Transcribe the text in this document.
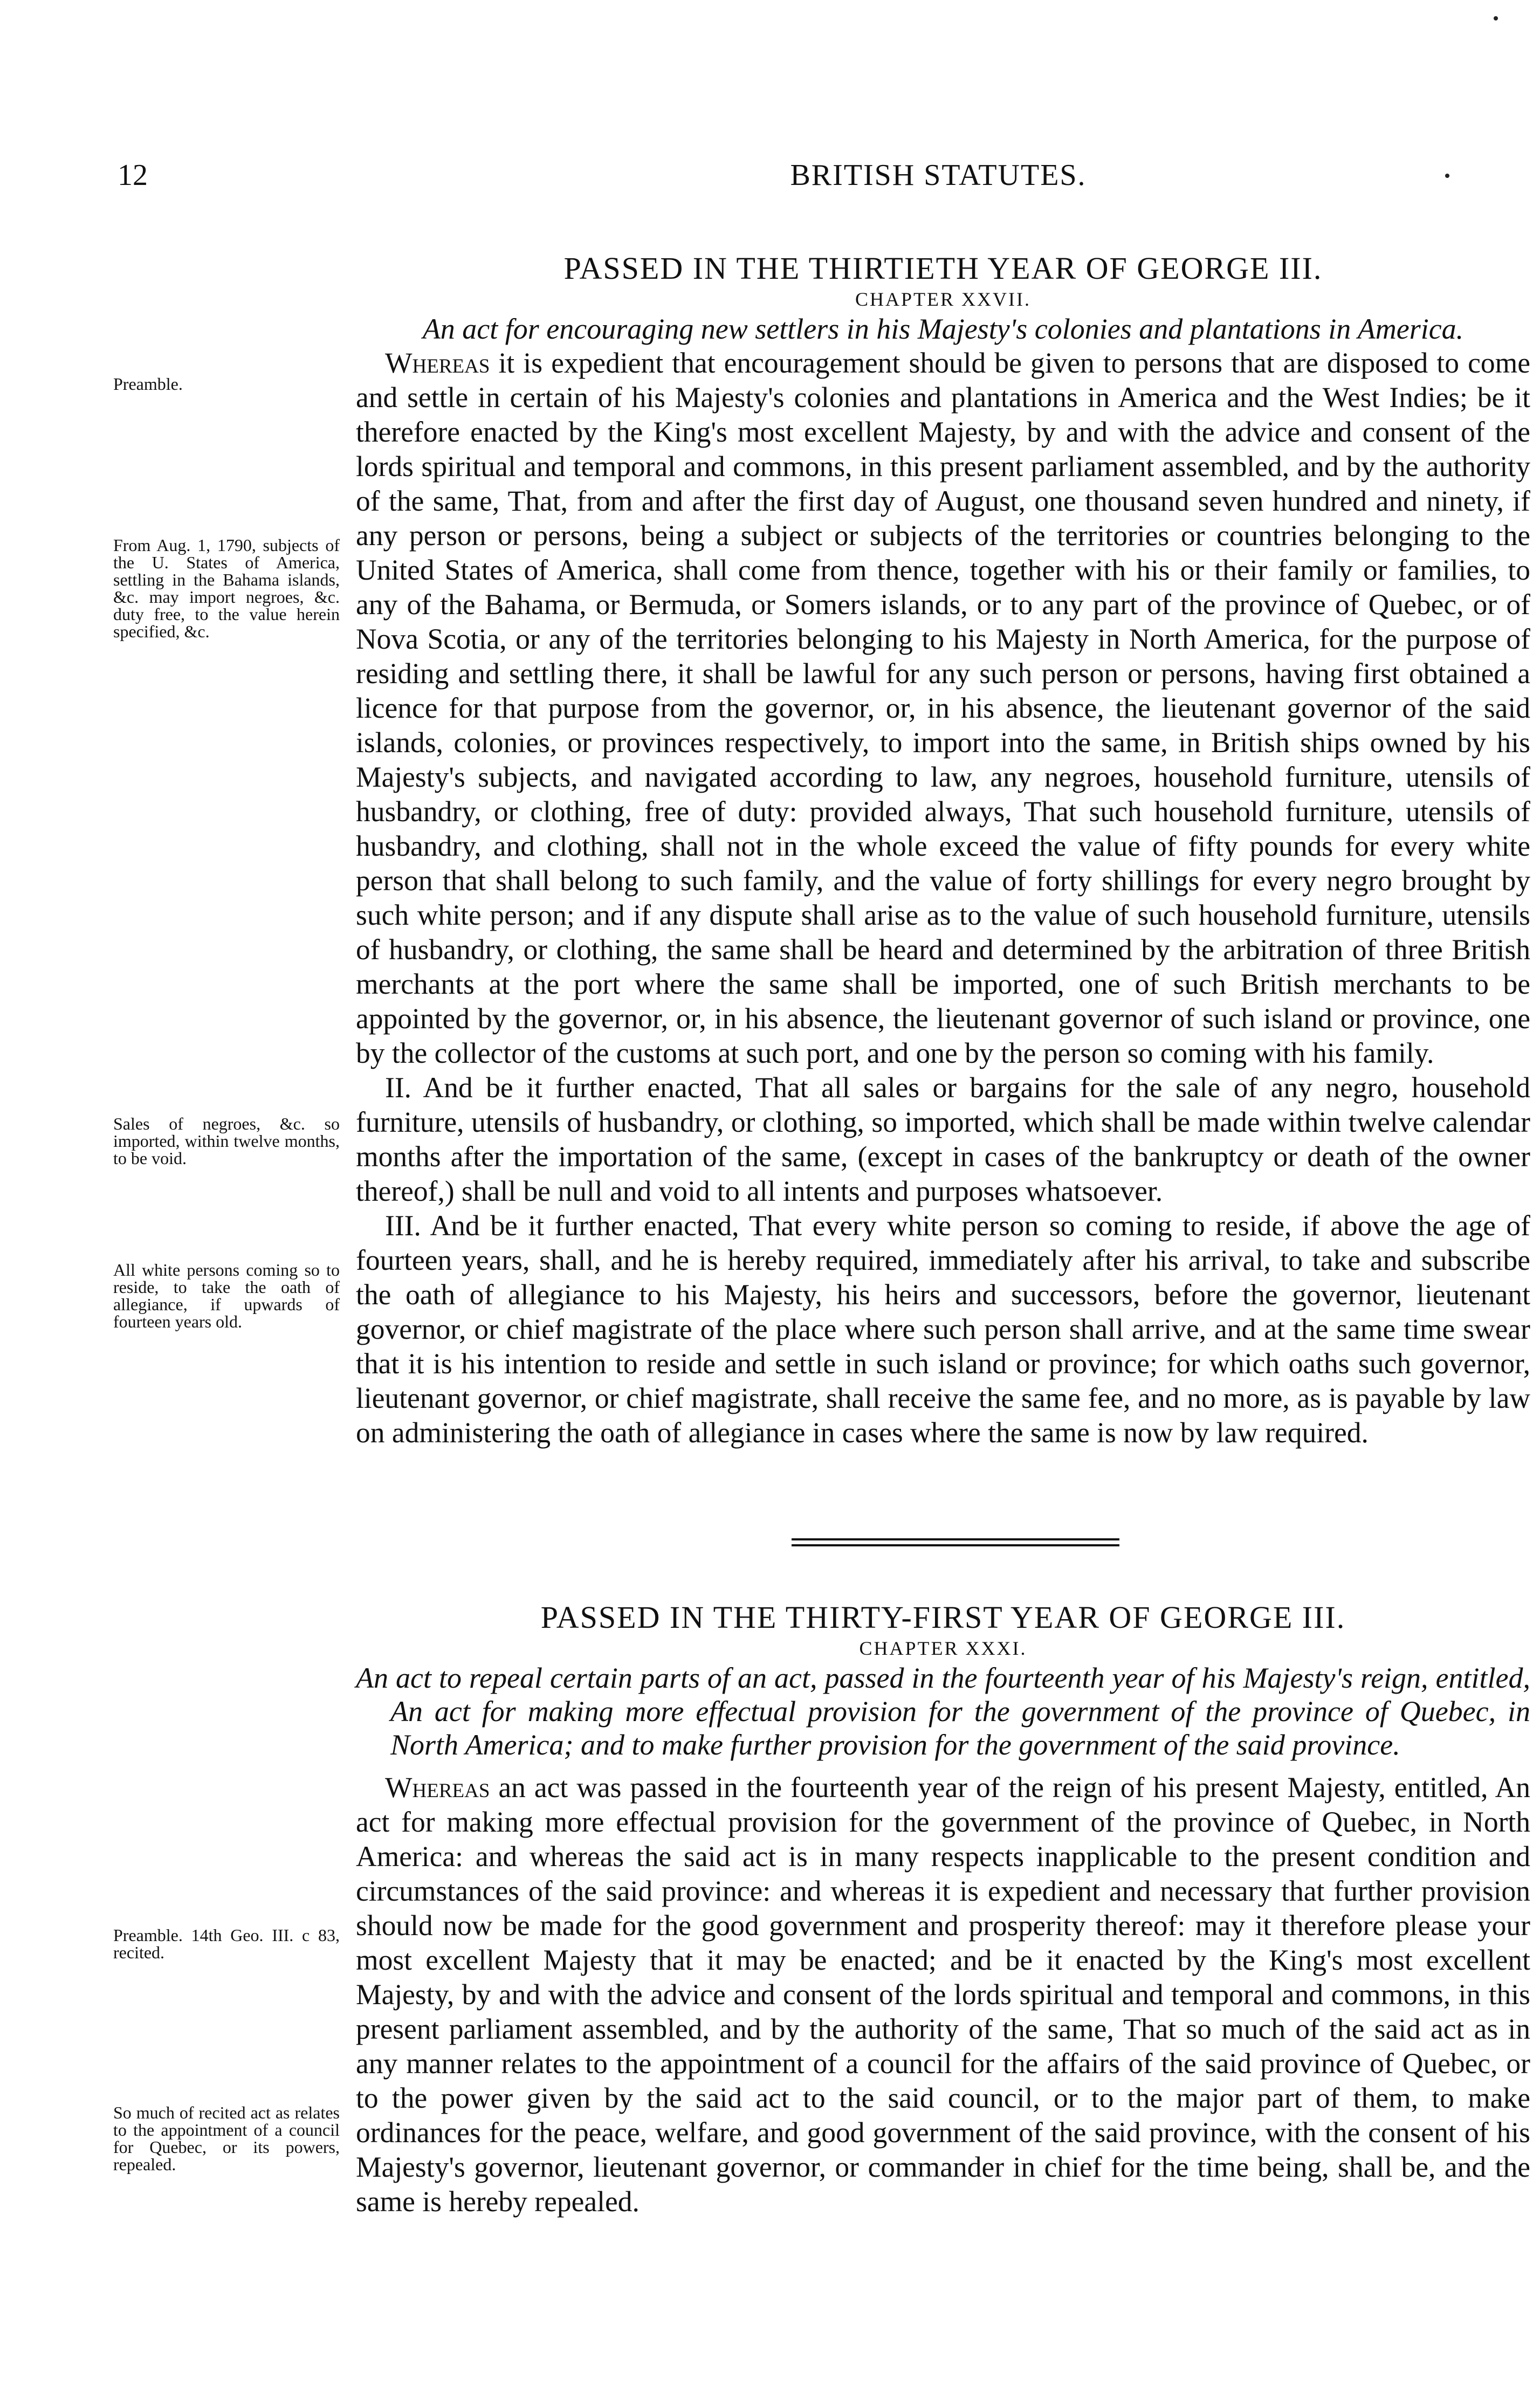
12	BRITISH STATUTES.
PASSED IN THE THIRTIETH YEAR OF GEORGE III.
CHAPTER XXVII.
An act for encouraging new settlers in his Majesty's colonies and plantations in America.
Whereas it is expedient that encouragement should be given to persons that are disposed to come and settle in certain of his Majesty's colonies and plantations in America and the West Indies; be it therefore enacted by the King's most excellent Majesty, by and with the advice and consent of the lords spiritual and temporal and commons, in this present parliament assembled, and by the authority of the same, That, from and after the first day of August, one thousand seven hundred and ninety, if any person or persons, being a subject or subjects of the territories or countries belonging to the United States of America, shall come from thence, together with his or their family or families, to any of the Bahama, or Bermuda, or Somers islands, or to any part of the province of Quebec, or of Nova Scotia, or any of the territories belonging to his Majesty in North America, for the purpose of residing and settling there, it shall be lawful for any such person or persons, having first obtained a licence for that purpose from the governor, or, in his absence, the lieutenant governor of the said islands, colonies, or provinces respectively, to import into the same, in British ships owned by his Majesty's subjects, and navigated according to law, any negroes, household furniture, utensils of husbandry, or clothing, free of duty: provided always, That such household furniture, utensils of husbandry, and clothing, shall not in the whole exceed the value of fifty pounds for every white person that shall belong to such family, and the value of forty shillings for every negro brought by such white person; and if any dispute shall arise as to the value of such household furniture, utensils of husbandry, or clothing, the same shall be heard and determined by the arbitration of three British merchants at the port where the same shall be imported, one of such British merchants to be appointed by the governor, or, in his absence, the lieutenant governor of such island or province, one by the collector of the customs at such port, and one by the person so coming with his family.
II. And be it further enacted, That all sales or bargains for the sale of any negro, household furniture, utensils of husbandry, or clothing, so imported, which shall be made within twelve calendar months after the importation of the same, (except in cases of the bankruptcy or death of the owner thereof,) shall be null and void to all intents and purposes whatsoever.
III. And be it further enacted, That every white person so coming to reside, if above the age of fourteen years, shall, and he is hereby required, immediately after his arrival, to take and subscribe the oath of allegiance to his Majesty, his heirs and successors, before the governor, lieutenant governor, or chief magistrate of the place where such person shall arrive, and at the same time swear that it is his intention to reside and settle in such island or province; for which oaths such governor, lieutenant governor, or chief magistrate, shall receive the same fee, and no more, as is payable by law on administering the oath of allegiance in cases where the same is now by law required.
PASSED IN THE THIRTY-FIRST YEAR OF GEORGE III.
CHAPTER XXXI.
An act to repeal certain parts of an act, passed in the fourteenth year of his Majesty's reign, entitled, An act for making more effectual provision for the government of the province of Quebec, in North America; and to make further provision for the government of the said province.
Whereas an act was passed in the fourteenth year of the reign of his present Majesty, entitled, An act for making more effectual provision for the government of the province of Quebec, in North America: and whereas the said act is in many respects inapplicable to the present condition and circumstances of the said province: and whereas it is expedient and necessary that further provision should now be made for the good government and prosperity thereof: may it therefore please your most excellent Majesty that it may be enacted; and be it enacted by the King's most excellent Majesty, by and with the advice and consent of the lords spiritual and temporal and commons, in this present parliament assembled, and by the authority of the same, That so much of the said act as in any manner relates to the appointment of a council for the affairs of the said province of Quebec, or to the power given by the said act to the said council, or to the major part of them, to make ordinances for the peace, welfare, and good government of the said province, with the consent of his Majesty's governor, lieutenant governor, or commander in chief for the time being, shall be, and the same is hereby repealed.
Preamble.
From Aug. 1, 1790, subjects of the U. States of America, settling in the Bahama islands, &c. may import negroes, &c. duty free, to the value herein specified, &c.
Sales of negroes, &c. so imported, within twelve months, to be void.
All white persons coming so to reside, to take the oath of allegiance, if upwards of fourteen years old.
Preamble. 14th Geo. III. c 83, recited.
So much of recited act as relates to the appointment of a council for Quebec, or its powers, repealed.
